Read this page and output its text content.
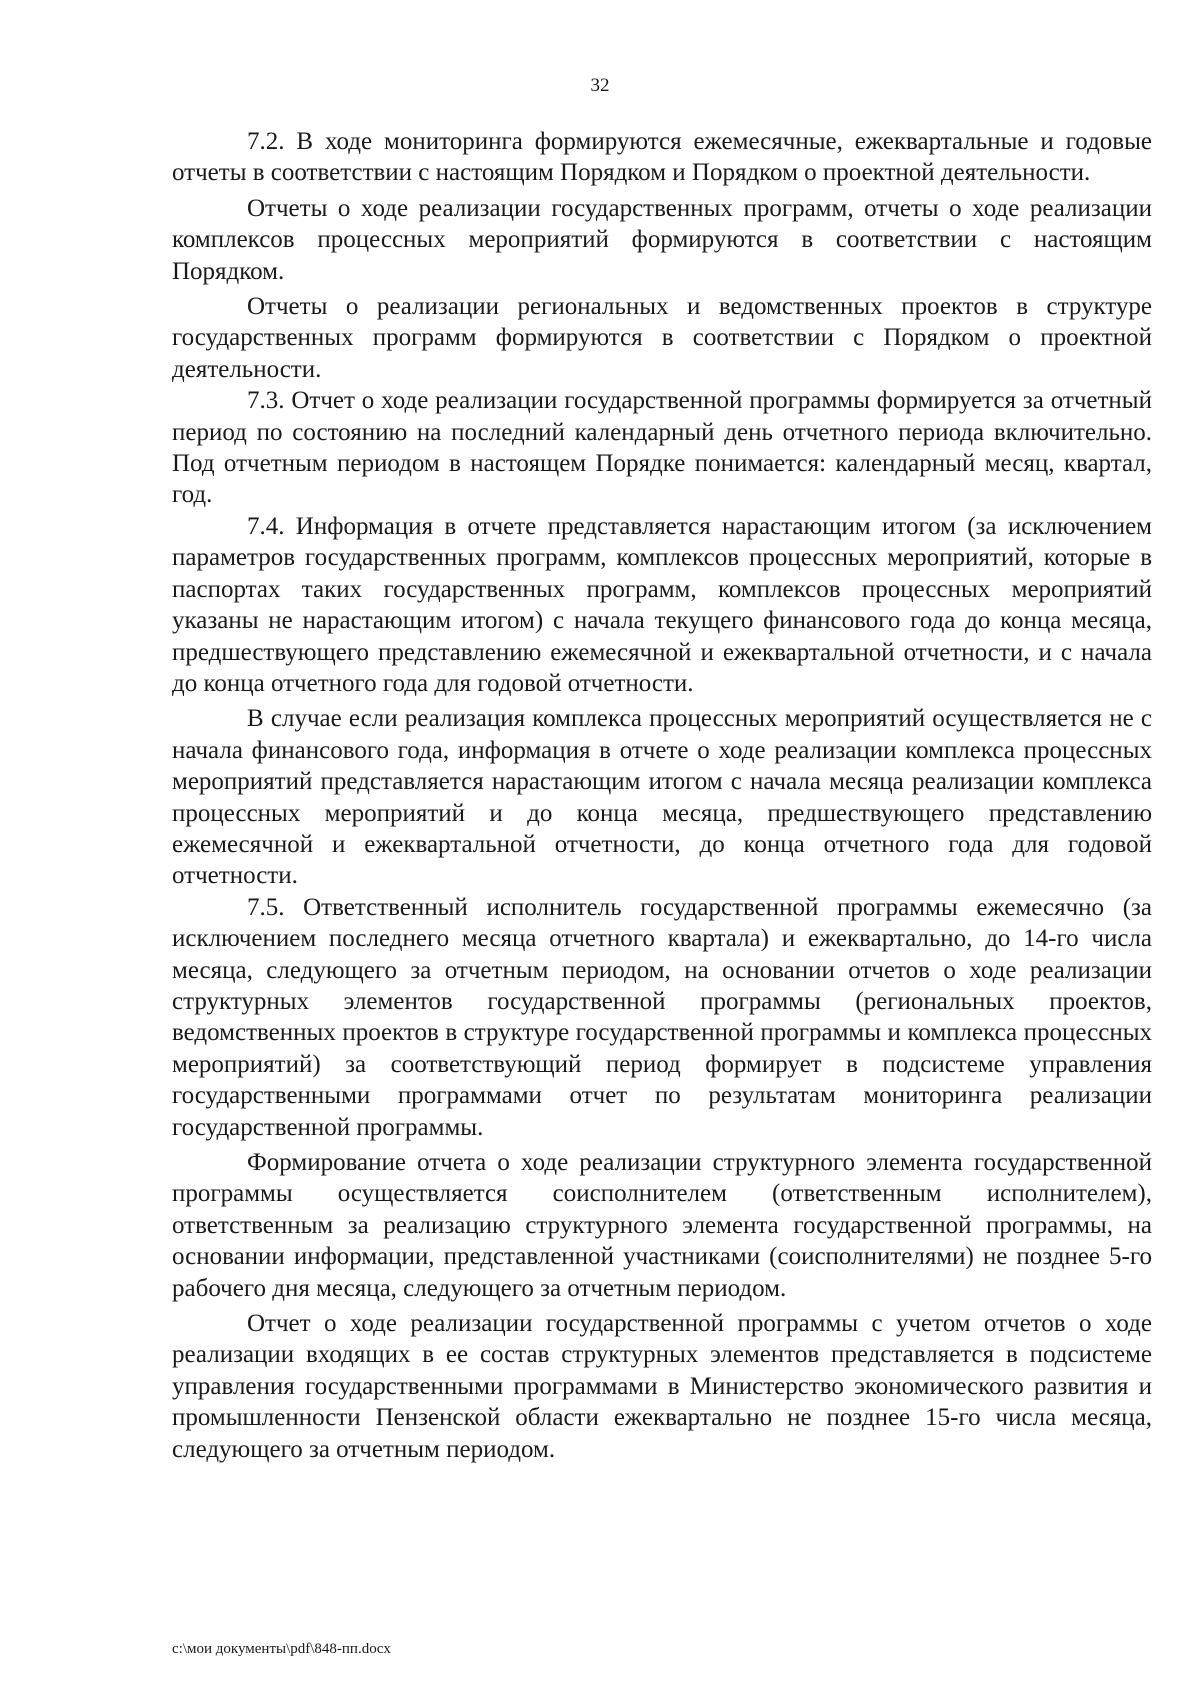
32

7.2. В ходе мониторинга формируются ежемесячные, ежеквартальные и годовые отчеты в соответствии с настоящим Порядком и Порядком о проектной деятельности.

Отчеты о ходе реализации государственных программ, отчеты о ходе реализации комплексов процессных мероприятий формируются в соответствии с настоящим Порядком.

Отчеты о реализации региональных и ведомственных проектов в структуре государственных программ формируются в соответствии с Порядком о проектной деятельности.

7.3. Отчет о ходе реализации государственной программы формируется за отчетный период по состоянию на последний календарный день отчетного периода включительно. Под отчетным периодом в настоящем Порядке понимается: календарный месяц, квартал, год.

7.4. Информация в отчете представляется нарастающим итогом (за исключением параметров государственных программ, комплексов процессных мероприятий, которые в паспортах таких государственных программ, комплексов процессных мероприятий указаны не нарастающим итогом) с начала текущего финансового года до конца месяца, предшествующего представлению ежемесячной и ежеквартальной отчетности, и с начала до конца отчетного года для годовой отчетности.

В случае если реализация комплекса процессных мероприятий осуществляется не с начала финансового года, информация в отчете о ходе реализации комплекса процессных мероприятий представляется нарастающим итогом с начала месяца реализации комплекса процессных мероприятий и до конца месяца, предшествующего представлению ежемесячной и ежеквартальной отчетности, до конца отчетного года для годовой отчетности.

7.5. Ответственный исполнитель государственной программы ежемесячно (за исключением последнего месяца отчетного квартала) и ежеквартально, до 14-го числа месяца, следующего за отчетным периодом, на основании отчетов о ходе реализации структурных элементов государственной программы (региональных проектов, ведомственных проектов в структуре государственной программы и комплекса процессных мероприятий) за соответствующий период формирует в подсистеме управления государственными программами отчет по результатам мониторинга реализации государственной программы.

Формирование отчета о ходе реализации структурного элемента государственной программы осуществляется соисполнителем (ответственным исполнителем), ответственным за реализацию структурного элемента государственной программы, на основании информации, представленной участниками (соисполнителями) не позднее 5-го рабочего дня месяца, следующего за отчетным периодом.

Отчет о ходе реализации государственной программы с учетом отчетов о ходе реализации входящих в ее состав структурных элементов представляется в подсистеме управления государственными программами в Министерство экономического развития и промышленности Пензенской области ежеквартально не позднее 15-го числа месяца, следующего за отчетным периодом.

с:\мои документы\pdf\848-пп.docx
